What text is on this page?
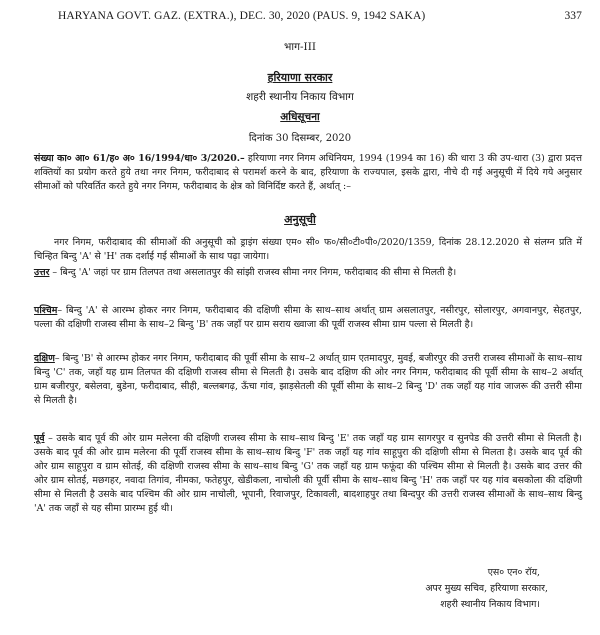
HARYANA GOVT. GAZ. (EXTRA.), DEC. 30, 2020 (PAUS. 9, 1942 SAKA)	337
भाग-III
हरियाणा सरकार
शहरी स्थानीय निकाय विभाग
अधिसूचना
दिनांक 30 दिसम्बर, 2020
संख्या का० आ० 61/ह० अ० 16/1994/धा० 3/2020.– हरियाणा नगर निगम अधिनियम, 1994 (1994 का 16) की धारा 3 की उप-धारा (3) द्वारा प्रदत्त शक्तियों का प्रयोग करते हुये तथा नगर निगम, फरीदाबाद से परामर्श करने के बाद, हरियाणा के राज्यपाल, इसके द्वारा, नीचे दी गई अनुसूची में दिये गये अनुसार सीमाओं को परिवर्तित करते हुये नगर निगम, फरीदाबाद के क्षेत्र को विनिर्दिष्ट करते हैं, अर्थात् :–
अनुसूची
नगर निगम, फरीदाबाद की सीमाओं की अनुसूची को ड्राइंग संख्या एम० सी० फ०/सी०टी०पी०/2020/1359, दिनांक 28.12.2020 से संलग्न प्रति में चिन्हित बिन्दु 'A' से 'H' तक दर्शाई गई सीमाओं के साथ पढ़ा जायेगा।
उत्तर – बिन्दु 'A' जहां पर ग्राम तिलपत तथा असलातपुर की सांझी राजस्व सीमा नगर निगम, फरीदाबाद की सीमा से मिलती है।
पश्चिम– बिन्दु 'A' से आरम्भ होकर नगर निगम, फरीदाबाद की दक्षिणी सीमा के साथ–साथ अर्थात् ग्राम असलातपुर, नसीरपुर, सोलारपुर, अगवानपुर, सेहतपुर, पल्ला की दक्षिणी राजस्व सीमा के साथ–2 बिन्दु 'B' तक जहाँ पर ग्राम सराय ख्वाजा की पूर्वी राजस्व सीमा ग्राम पल्ला से मिलती है।
दक्षिण– बिन्दु 'B' से आरम्भ होकर नगर निगम, फरीदाबाद की पूर्वी सीमा के साथ–2 अर्थात् ग्राम एतमादपुर, मुवई, बजीरपुर की उत्तरी राजस्व सीमाओं के साथ–साथ बिन्दु 'C' तक, जहाँ यह ग्राम तिलपत की दक्षिणी राजस्व सीमा से मिलती है। उसके बाद दक्षिण की ओर नगर निगम, फरीदाबाद की पूर्वी सीमा के साथ–2 अर्थात् ग्राम बजीरपुर, बसेलवा, बुडेना, फरीदाबाद, सीही, बल्लबगढ़, ऊँचा गांव, झाड़सेतली की पूर्वी सीमा के साथ–2 बिन्दु 'D' तक जहाँ यह गांव जाजरू की उत्तरी सीमा से मिलती है।
पूर्व – उसके बाद पूर्व की ओर ग्राम मलेरना की दक्षिणी राजस्व सीमा के साथ–साथ बिन्दु 'E' तक जहाँ यह ग्राम सागरपुर व सुनपेड की उत्तरी सीमा से मिलती है। उसके बाद पूर्व की ओर ग्राम मलेरना की पूर्वी राजस्व सीमा के साथ–साथ बिन्दु 'F' तक जहाँ यह गांव साहूपुरा की दक्षिणी सीमा से मिलता है। उसके बाद पूर्व की ओर ग्राम साहूपुरा व ग्राम सोतई, की दक्षिणी राजस्व सीमा के साथ–साथ बिन्दु 'G' तक जहाँ यह ग्राम फफूंदा की पश्चिम सीमा से मिलती है। उसके बाद उत्तर की ओर ग्राम सोतई, मछगहर, नवादा तिगांव, नीमका, फतेहपुर, खेडीकला, नाचोली की पूर्वी सीमा के साथ–साथ बिन्दु 'H' तक जहाँ पर यह गांव बसकोला की दक्षिणी सीमा से मिलती है उसके बाद पश्चिम की ओर ग्राम नाचोली, भूपानी, रिवाजपुर, टिकावली, बादशाहपुर तथा बिन्दपुर की उत्तरी राजस्व सीमाओं के साथ–साथ बिन्दु 'A' तक जहाँ से यह सीमा प्रारम्भ हुई थी।
एस० एन० रॉय,
अपर मुख्य सचिव, हरियाणा सरकार,
शहरी स्थानीय निकाय विभाग।
